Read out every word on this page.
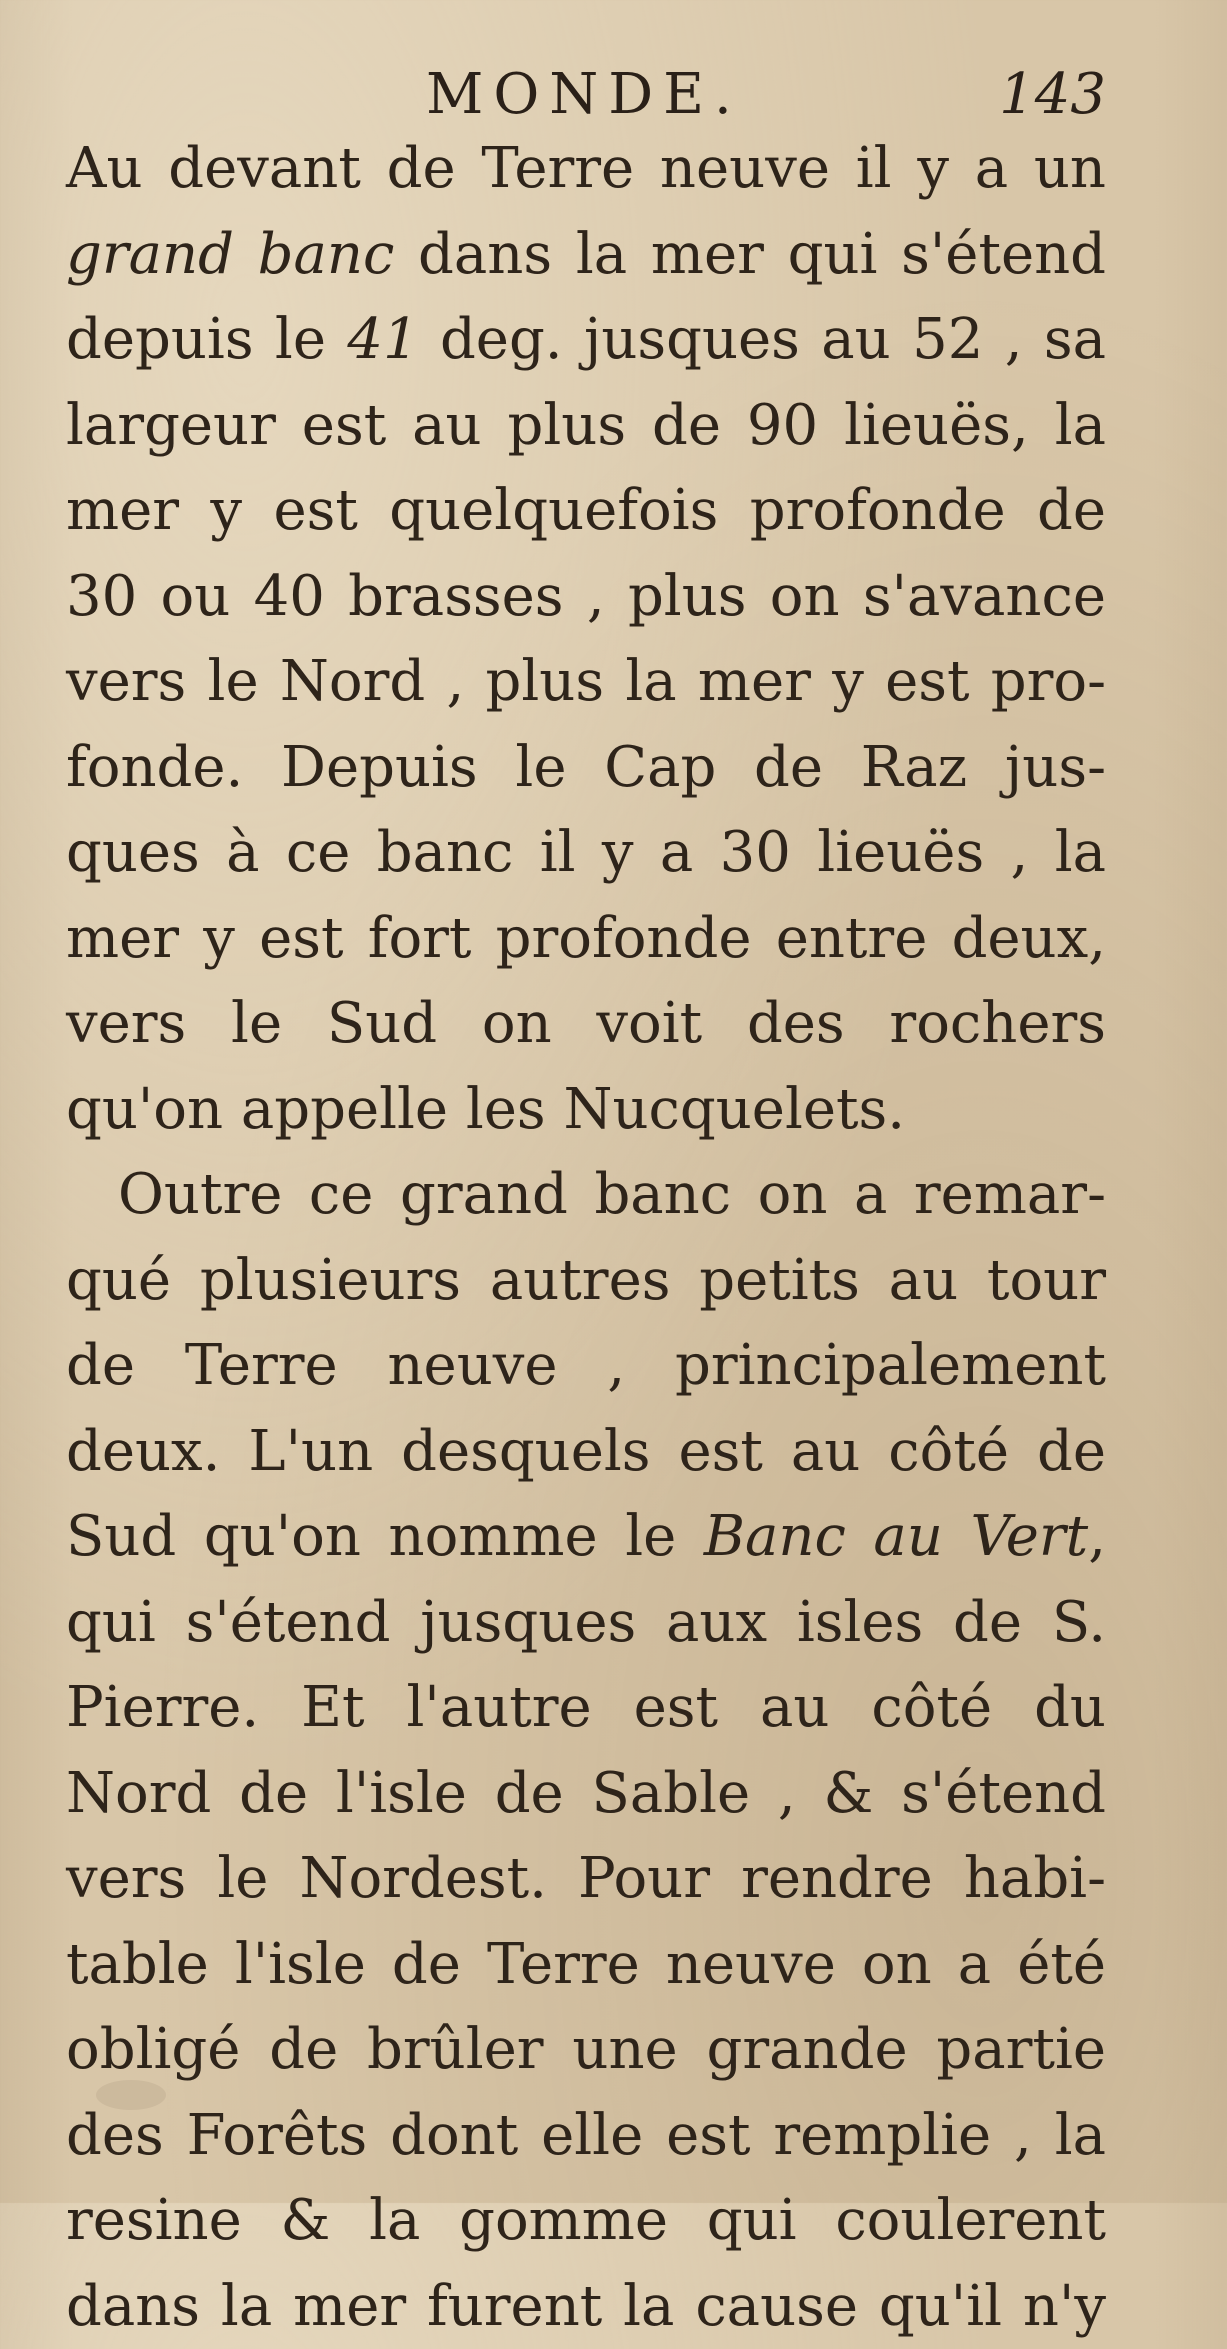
MONDE.	143
Au devant de Terre neuve il y a un
grand banc dans la mer qui s'étend
depuis le 41 deg. jusques au 52 , sa
largeur est au plus de 90 lieuës, la
mer y est quelquefois profonde de
30 ou 40 brasses , plus on s'avance
vers le Nord , plus la mer y est pro-
fonde. Depuis le Cap de Raz jus-
ques à ce banc il y a 30 lieuës , la
mer y est fort profonde entre deux,
vers le Sud on voit des rochers
qu'on appelle les Nucquelets.
Outre ce grand banc on a remar-
qué plusieurs autres petits au tour
de Terre neuve , principalement
deux. L'un desquels est au côté de
Sud qu'on nomme le Banc au Vert,
qui s'étend jusques aux isles de S.
Pierre. Et l'autre est au côté du
Nord de l'isle de Sable , & s'étend
vers le Nordest. Pour rendre habi-
table l'isle de Terre neuve on a été
obligé de brûler une grande partie
des Forêts dont elle est remplie , la
resine & la gomme qui coulerent
dans la mer furent la cause qu'il n'y
